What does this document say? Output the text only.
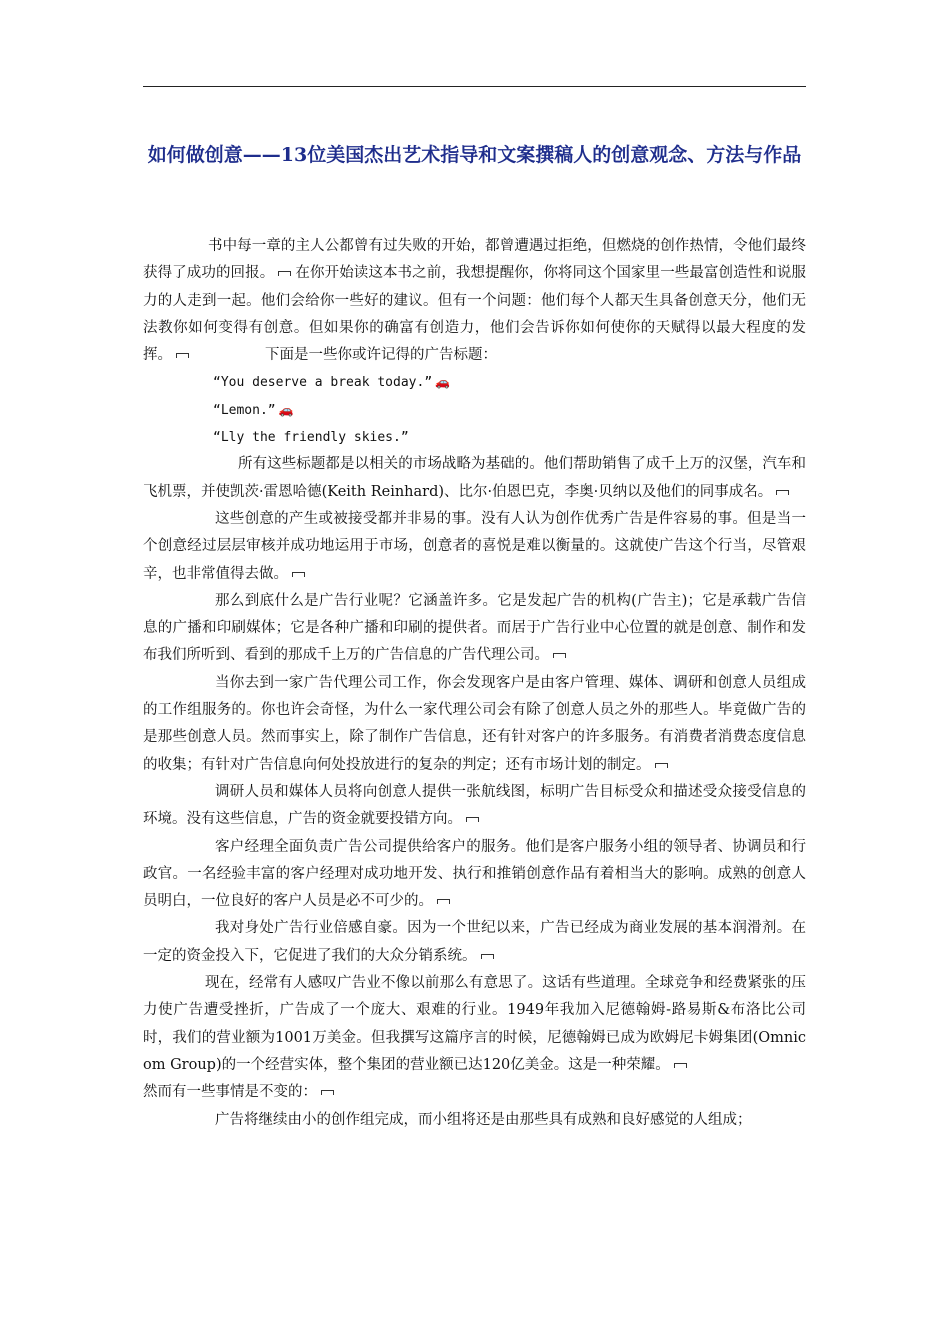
如何做创意——13位美国杰出艺术指导和文案撰稿人的创意观念、方法与作品

书中每一章的主人公都曾有过失败的开始，都曾遭遇过拒绝，但燃烧的创作热情，令他们最终获得了成功的回报。 在你开始读这本书之前，我想提醒你，你将同这个国家里一些最富创造性和说服力的人走到一起。他们会给你一些好的建议。但有一个问题：他们每个人都天生具备创意天分，他们无法教你如何变得有创意。但如果你的确富有创造力，他们会告诉你如何使你的天赋得以最大程度的发挥。	下面是一些你或许记得的广告标题：

“You deserve a break today.” 🚗

“Lemon.” 🚗

“Lly the friendly skies.”

所有这些标题都是以相关的市场战略为基础的。他们帮助销售了成千上万的汉堡，汽车和飞机票，并使凯茨·雷恩哈德(Keith Reinhard)、比尔·伯恩巴克，李奥·贝纳以及他们的同事成名。

这些创意的产生或被接受都并非易的事。没有人认为创作优秀广告是件容易的事。但是当一个创意经过层层审核并成功地运用于市场，创意者的喜悦是难以衡量的。这就使广告这个行当，尽管艰辛，也非常值得去做。

那么到底什么是广告行业呢？它涵盖许多。它是发起广告的机构(广告主)；它是承载广告信息的广播和印刷媒体；它是各种广播和印刷的提供者。而居于广告行业中心位置的就是创意、制作和发布我们所听到、看到的那成千上万的广告信息的广告代理公司。

当你去到一家广告代理公司工作，你会发现客户是由客户管理、媒体、调研和创意人员组成的工作组服务的。你也许会奇怪，为什么一家代理公司会有除了创意人员之外的那些人。毕竟做广告的是那些创意人员。然而事实上，除了制作广告信息，还有针对客户的许多服务。有消费者消费态度信息的收集；有针对广告信息向何处投放进行的复杂的判定；还有市场计划的制定。

调研人员和媒体人员将向创意人提供一张航线图，标明广告目标受众和描述受众接受信息的环境。没有这些信息，广告的资金就要投错方向。

客户经理全面负责广告公司提供给客户的服务。他们是客户服务小组的领导者、协调员和行政官。一名经验丰富的客户经理对成功地开发、执行和推销创意作品有着相当大的影响。成熟的创意人员明白，一位良好的客户人员是必不可少的。

我对身处广告行业倍感自豪。因为一个世纪以来，广告已经成为商业发展的基本润滑剂。在一定的资金投入下，它促进了我们的大众分销系统。

现在，经常有人感叹广告业不像以前那么有意思了。这话有些道理。全球竞争和经费紧张的压力使广告遭受挫折，广告成了一个庞大、艰难的行业。1949年我加入尼德翰姆-路易斯&布洛比公司时，我们的营业额为1001万美金。但我撰写这篇序言的时候，尼德翰姆已成为欧姆尼卡姆集团(Omnicom Group)的一个经营实体，整个集团的营业额已达120亿美金。这是一种荣耀。

然而有一些事情是不变的：

广告将继续由小的创作组完成，而小组将还是由那些具有成熟和良好感觉的人组成；
